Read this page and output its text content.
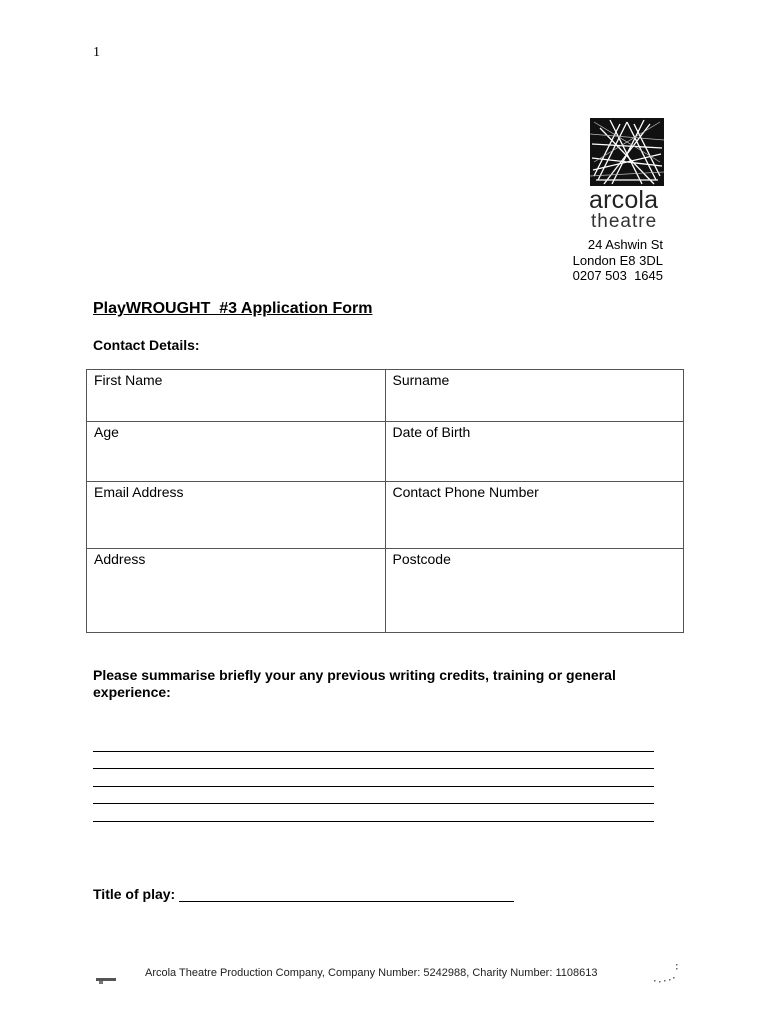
1
arcola
theatre
24 Ashwin St
London E8 3DL
0207 503  1645
PlayWROUGHT  #3 Application Form
Contact Details:
First Name	Surname
Age	Date of Birth
Email Address	Contact Phone Number
Address	Postcode
Please summarise briefly your any previous writing credits, training or general experience:
Title of play:
Arcola Theatre Production Company, Company Number: 5242988, Charity Number: 1108613
